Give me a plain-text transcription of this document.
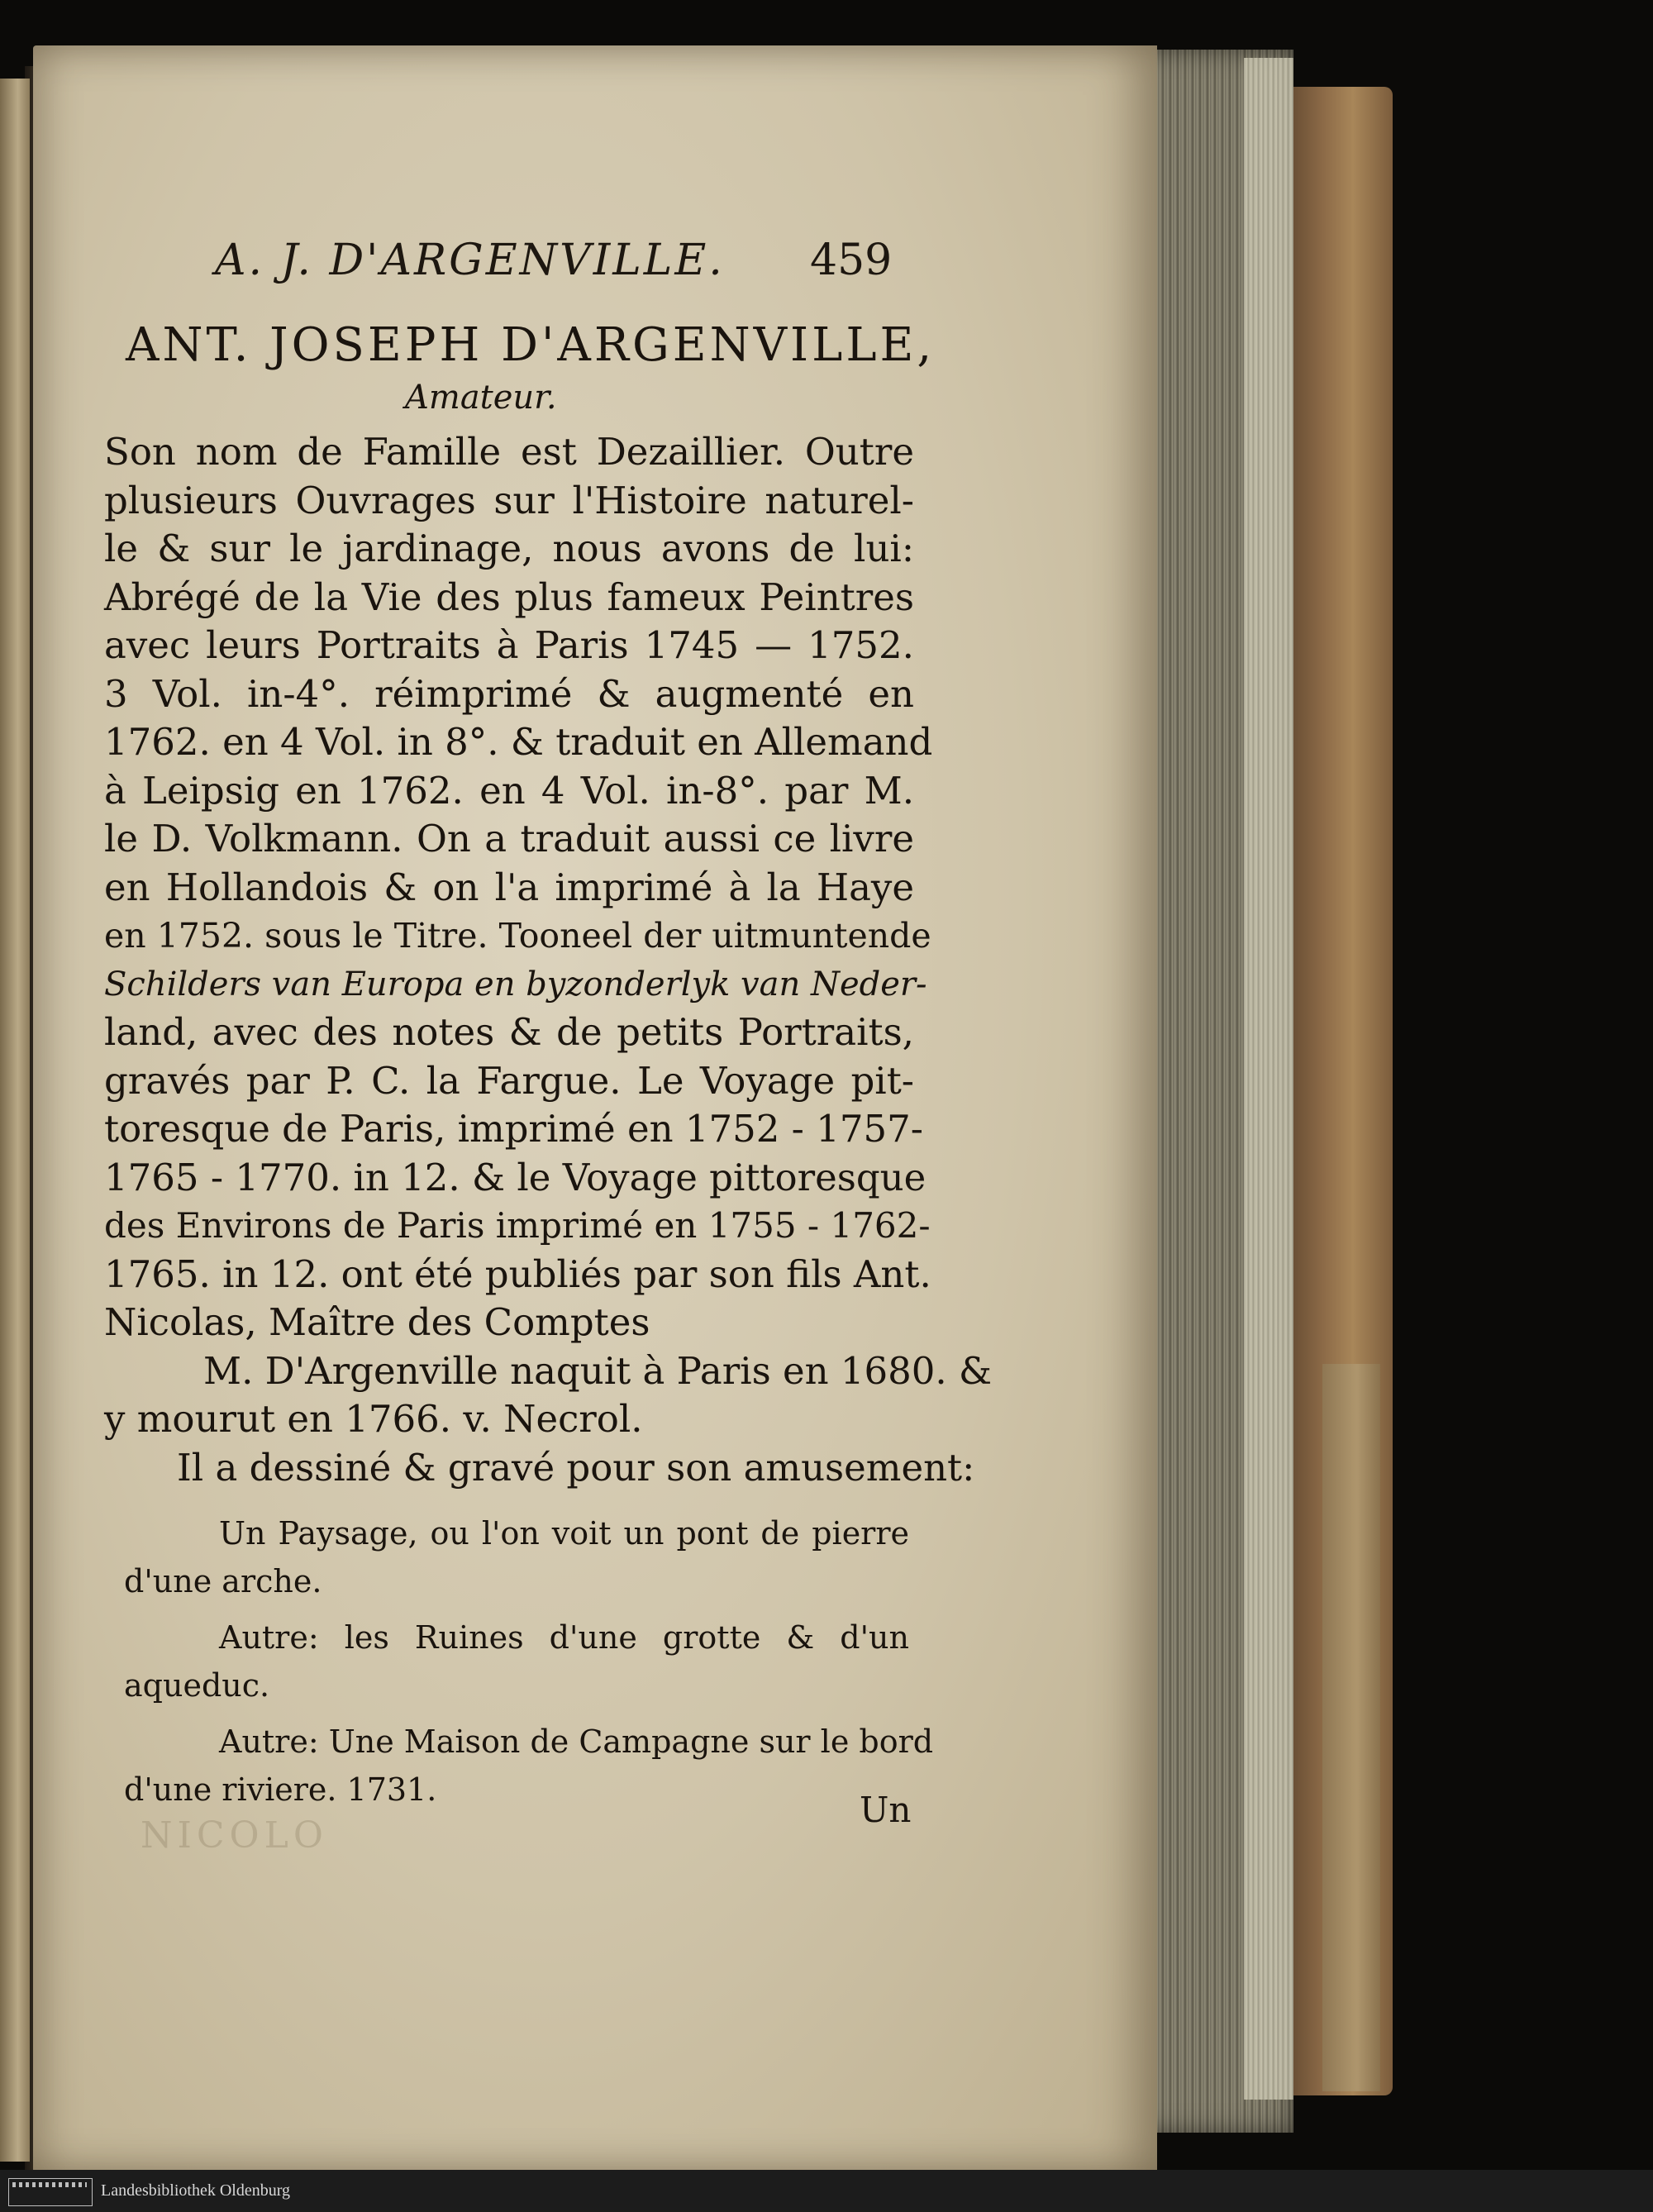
A. J. D'ARGENVILLE. 459
ANT. JOSEPH D'ARGENVILLE,
Amateur.
Son nom de Famille est Dezaillier. Outre
plusieurs Ouvrages sur l'Histoire naturel-
le & sur le jardinage, nous avons de lui:
Abrégé de la Vie des plus fameux Peintres
avec leurs Portraits à Paris 1745 — 1752.
3 Vol. in-4°. réimprimé & augmenté en
1762. en 4 Vol. in 8°. & traduit en Allemand
à Leipsig en 1762. en 4 Vol. in-8°. par M.
le D. Volkmann. On a traduit aussi ce livre
en Hollandois & on l'a imprimé à la Haye
en 1752. sous le Titre. Tooneel der uitmuntende
Schilders van Europa en byzonderlyk van Neder-
land, avec des notes & de petits Portraits,
gravés par P. C. la Fargue. Le Voyage pit-
toresque de Paris, imprimé en 1752 - 1757-
1765 - 1770. in 12. & le Voyage pittoresque
des Environs de Paris imprimé en 1755 - 1762-
1765. in 12. ont été publiés par son fils Ant.
Nicolas, Maître des Comptes
M. D'Argenville naquit à Paris en 1680. &
y mourut en 1766. v. Necrol.
Il a dessiné & gravé pour son amusement:
Un Paysage, ou l'on voit un pont de pierre
d'une arche.
Autre: les Ruines d'une grotte & d'un
aqueduc.
Autre: Une Maison de Campagne sur le bord
d'une riviere. 1731.
NICOLO
Un
Landesbibliothek Oldenburg
